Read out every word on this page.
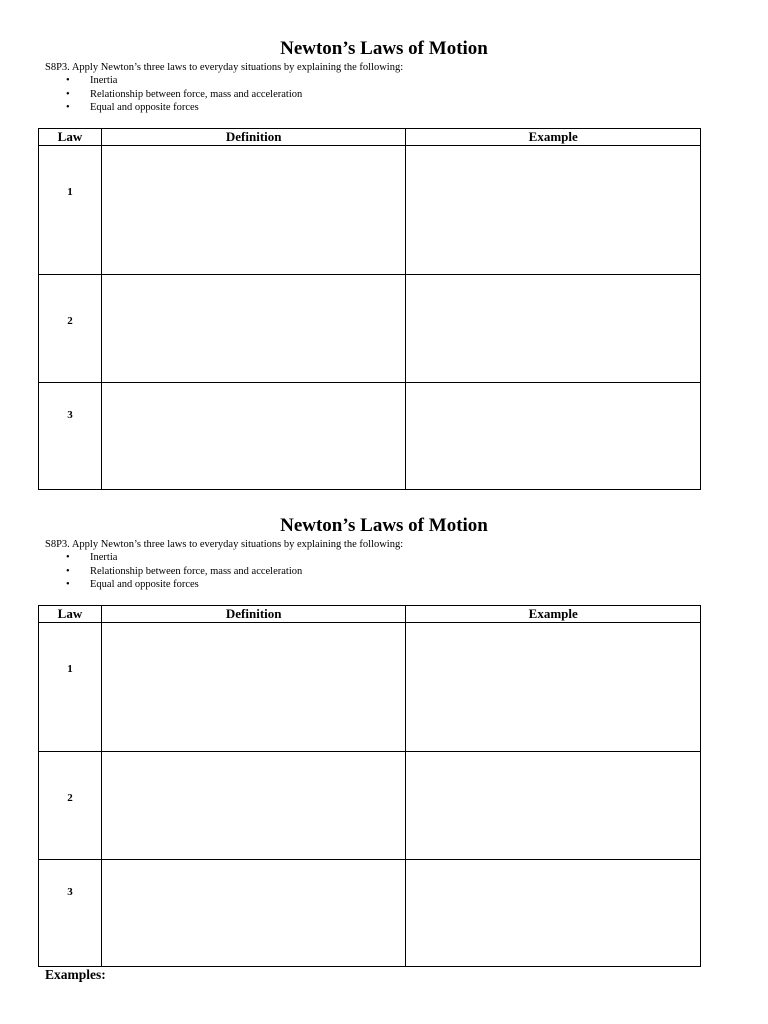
Newton’s Laws of Motion
S8P3. Apply Newton’s three laws to everyday situations by explaining the following:
• Inertia
• Relationship between force, mass and acceleration
• Equal and opposite forces
Law	Definition	Example
1		
2		
3		
Newton’s Laws of Motion
S8P3. Apply Newton’s three laws to everyday situations by explaining the following:
• Inertia
• Relationship between force, mass and acceleration
• Equal and opposite forces
Law	Definition	Example
1		
2		
3		
Examples:
